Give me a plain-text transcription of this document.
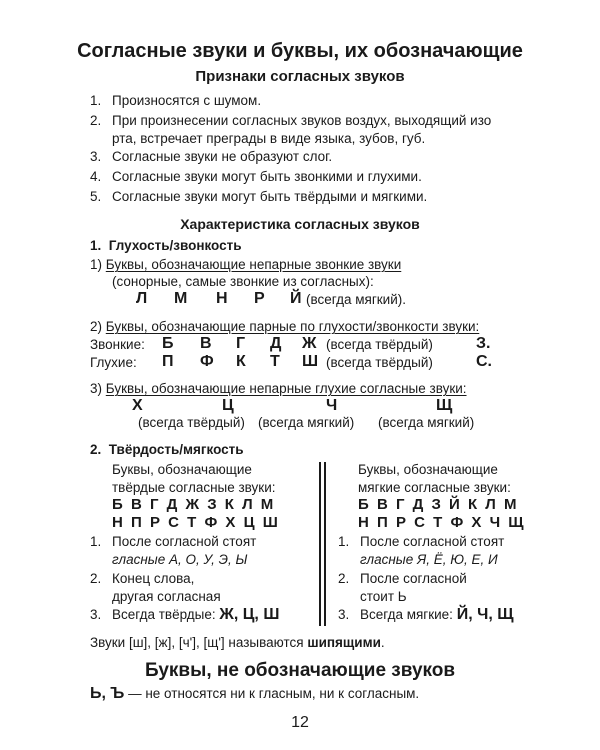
Согласные звуки и буквы, их обозначающие
Признаки согласных звуков
1. Произносятся с шумом.
2. При произнесении согласных звуков воздух, выходящий изо
рта, встречает преграды в виде языка, зубов, губ.
3. Согласные звуки не образуют слог.
4. Согласные звуки могут быть звонкими и глухими.
5. Согласные звуки могут быть твёрдыми и мягкими.
Характеристика согласных звуков
1. Глухость/звонкость
1) Буквы, обозначающие непарные звонкие звуки
(сонорные, самые звонкие из согласных):
Л М Н Р Й (всегда мягкий).
2) Буквы, обозначающие парные по глухости/звонкости звуки:
Звонкие: Б В Г Д Ж (всегда твёрдый)	З.
Глухие: П Ф К Т Ш (всегда твёрдый)	С.
3) Буквы, обозначающие непарные глухие согласные звуки:
Х	Ц	Ч	Щ
(всегда твёрдый) (всегда мягкий) (всегда мягкий)
2. Твёрдость/мягкость
Буквы, обозначающие
твёрдые согласные звуки:
Б В Г Д Ж З К Л М
Н П Р С Т Ф Х Ц Ш
1. После согласной стоят
гласные А, О, У, Э, Ы
2. Конец слова,
другая согласная
3. Всегда твёрдые: Ж, Ц, Ш
Буквы, обозначающие
мягкие согласные звуки:
Б В Г Д З Й К Л М
Н П Р С Т Ф Х Ч Щ
1. После согласной стоят
гласные Я, Ё, Ю, Е, И
2. После согласной
стоит Ь
3. Всегда мягкие: Й, Ч, Щ
Звуки [ш], [ж], [ч'], [щ'] называются шипящими.
Буквы, не обозначающие звуков
Ь, Ъ — не относятся ни к гласным, ни к согласным.
12
